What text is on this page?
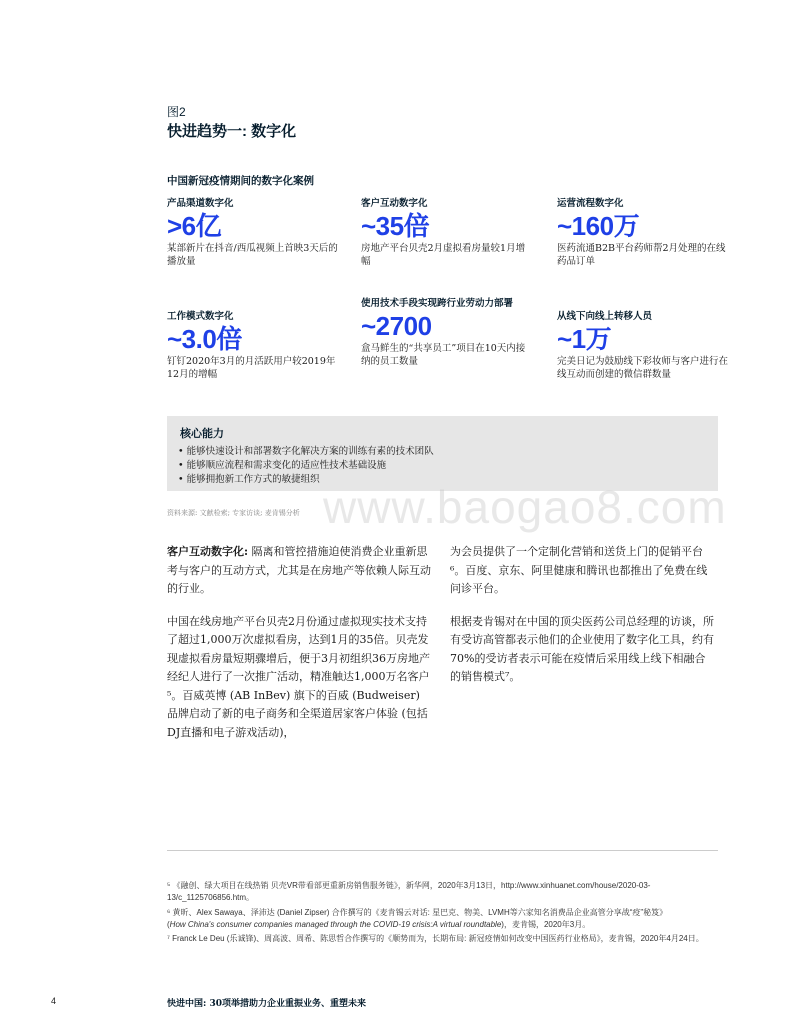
图2
快进趋势一: 数字化
中国新冠疫情期间的数字化案例
产品渠道数字化
>6亿
某部新片在抖音/西瓜视频上首映3天后的播放量
客户互动数字化
~35倍
房地产平台贝壳2月虚拟看房量较1月增幅
运营流程数字化
~160万
医药流通B2B平台药师帮2月处理的在线药品订单
工作模式数字化
~3.0倍
钉钉2020年3月的月活跃用户较2019年12月的增幅
使用技术手段实现跨行业劳动力部署
~2700
盒马鲜生的“共享员工”项目在10天内接纳的员工数量
从线下向线上转移人员
~1万
完美日记为鼓励线下彩妆师与客户进行在线互动而创建的微信群数量
核心能力
• 能够快速设计和部署数字化解决方案的训练有素的技术团队
• 能够顺应流程和需求变化的适应性技术基础设施
• 能够拥抱新工作方式的敏捷组织
资料来源: 文献检索; 专家访谈; 麦肯锡分析 www.baogao8.com

客户互动数字化: 隔离和管控措施迫使消费企业重新思考与客户的互动方式，尤其是在房地产等依赖人际互动的行业。

中国在线房地产平台贝壳2月份通过虚拟现实技术支持了超过1,000万次虚拟看房，达到1月的35倍。贝壳发现虚拟看房量短期骤增后，便于3月初组织36万房地产经纪人进行了一次推广活动，精准触达1,000万名客户⁵。百威英博 (AB InBev) 旗下的百威 (Budweiser) 品牌启动了新的电子商务和全渠道居家客户体验 (包括DJ直播和电子游戏活动)，

为会员提供了一个定制化营销和送货上门的促销平台⁶。百度、京东、阿里健康和腾讯也都推出了免费在线问诊平台。

根据麦肯锡对在中国的顶尖医药公司总经理的访谈，所有受访高管都表示他们的企业使用了数字化工具，约有70%的受访者表示可能在疫情后采用线上线下相融合的销售模式⁷。

⁵ 《融创、绿大项目在线热销 贝壳VR带看部更重新房销售服务链》，新华网，2020年3月13日，http://www.xinhuanet.com/house/2020-03-13/c_1125706856.htm。
⁶ 黄昕、Alex Sawaya、泽沛达 (Daniel Zipser) 合作撰写的《麦肯锡云对话: 星巴克、物美、LVMH等六家知名消费品企业高管分享战“疫”秘笈》
(How China's consumer companies managed through the COVID-19 crisis:A virtual roundtable)，麦肯锡，2020年3月。
⁷ Franck Le Deu (乐诚锋)、周高波、周希、陈思哲合作撰写的《顺势而为，长期布局: 新冠疫情如何改变中国医药行业格局》，麦肯锡，2020年4月24日。
4	快进中国: 30项举措助力企业重振业务、重塑未来
